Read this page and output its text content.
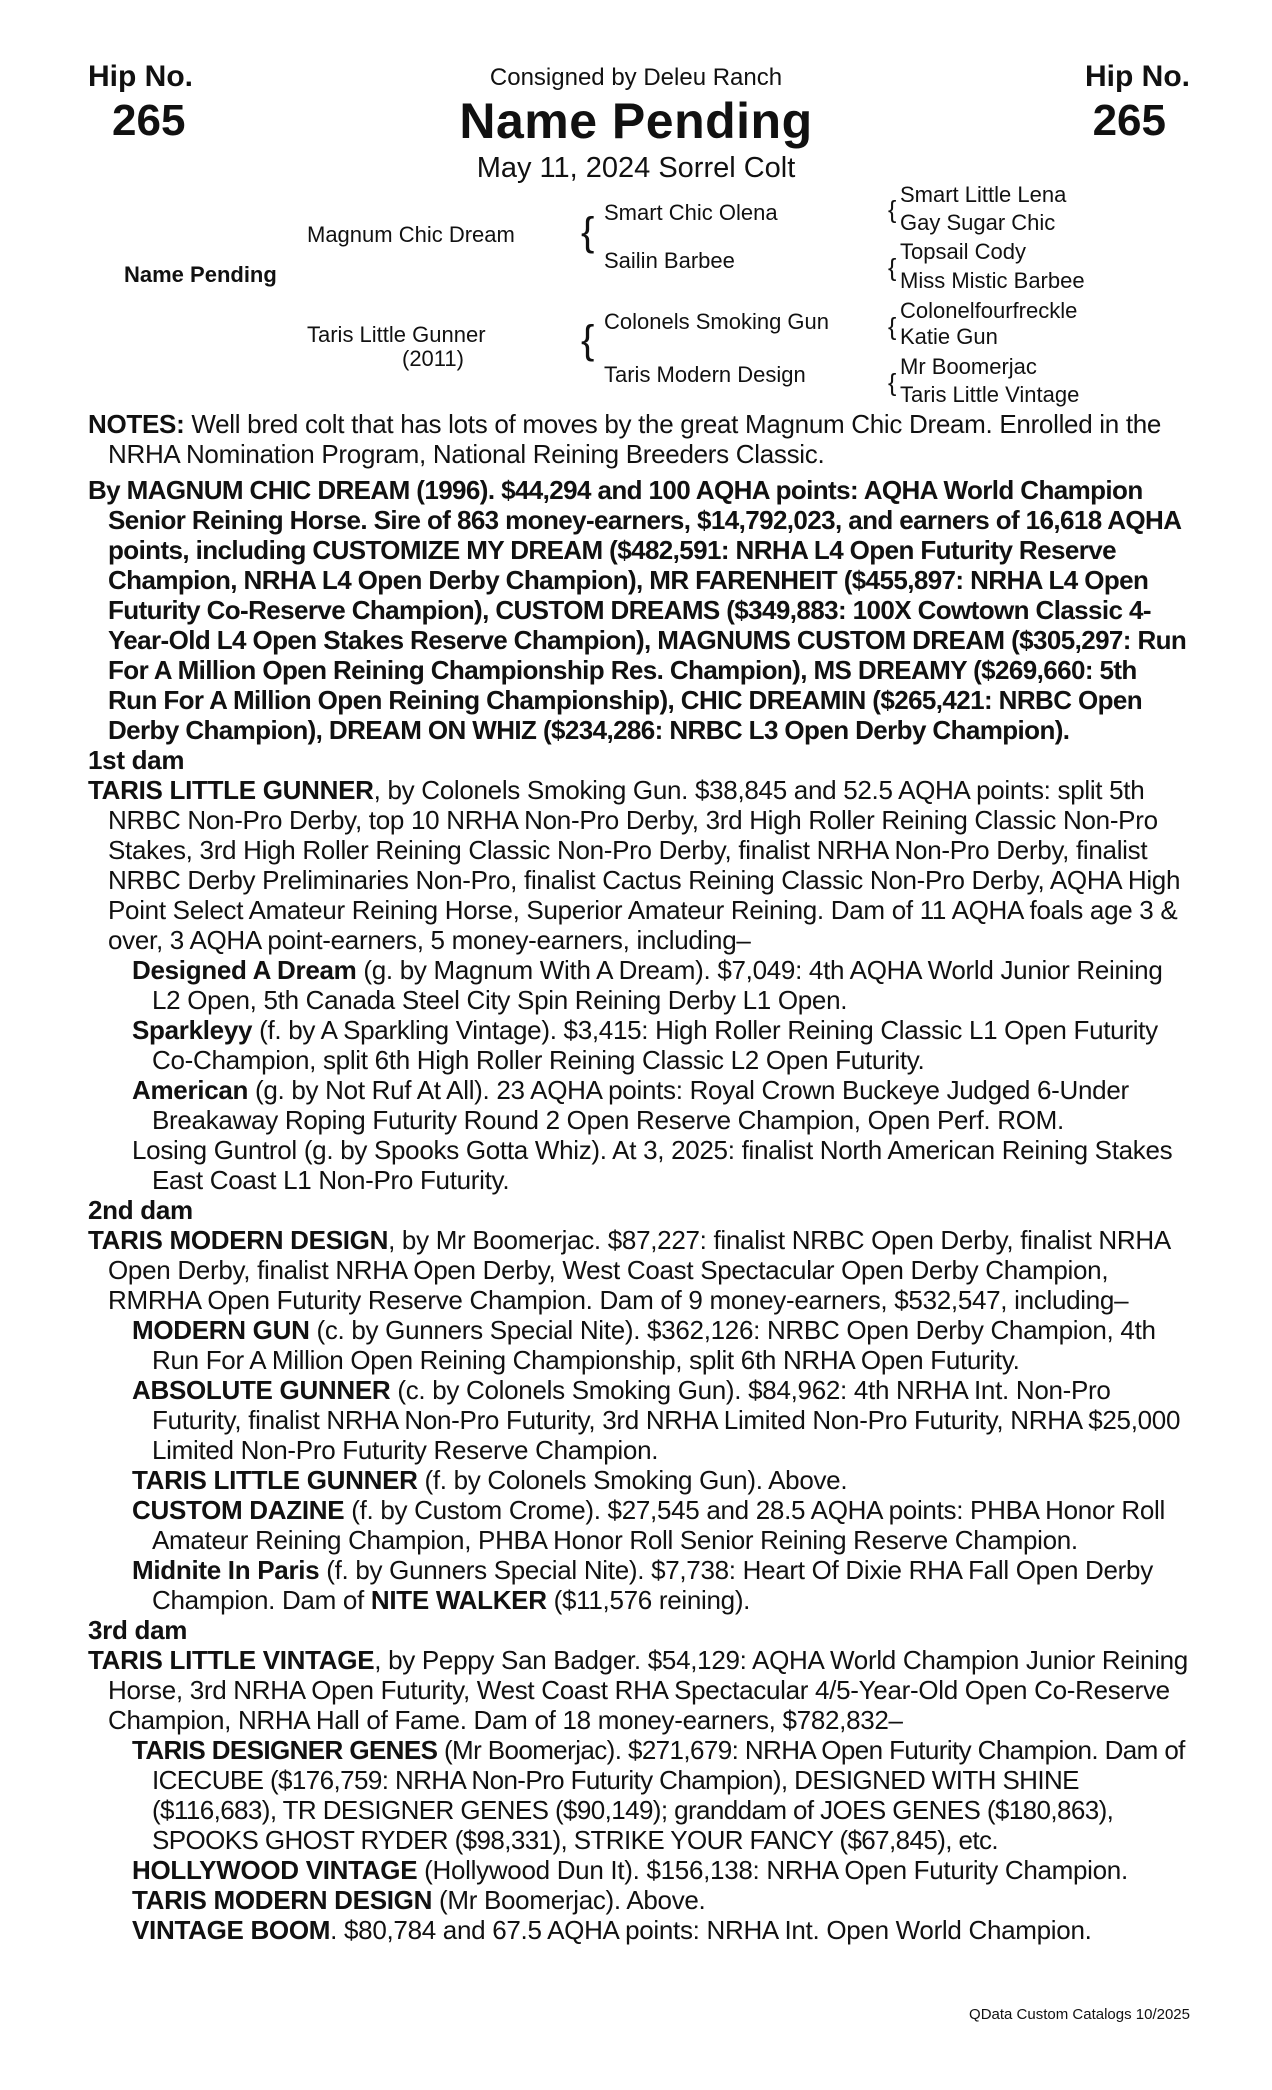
Hip No.
265
Hip No.
265
Consigned by Deleu Ranch
Name Pending
May 11, 2024 Sorrel Colt
Name Pending
Magnum Chic Dream
Taris Little Gunner
(2011)
{
{
Smart Chic Olena
Sailin Barbee
Colonels Smoking Gun
Taris Modern Design
{
{
{
{
Smart Little Lena
Gay Sugar Chic
Topsail Cody
Miss Mistic Barbee
Colonelfourfreckle
Katie Gun
Mr Boomerjac
Taris Little Vintage

NOTES: Well bred colt that has lots of moves by the great Magnum Chic Dream. Enrolled in the NRHA Nomination Program, National Reining Breeders Classic.

By MAGNUM CHIC DREAM (1996). $44,294 and 100 AQHA points: AQHA World Champion Senior Reining Horse. Sire of 863 money-earners, $14,792,023, and earners of 16,618 AQHA points, including CUSTOMIZE MY DREAM ($482,591: NRHA L4 Open Futurity Reserve Champion, NRHA L4 Open Derby Champion), MR FARENHEIT ($455,897: NRHA L4 Open Futurity Co-Reserve Champion), CUSTOM DREAMS ($349,883: 100X Cowtown Classic 4-Year-Old L4 Open Stakes Reserve Champion), MAGNUMS CUSTOM DREAM ($305,297: Run For A Million Open Reining Championship Res. Champion), MS DREAMY ($269,660: 5th Run For A Million Open Reining Championship), CHIC DREAMIN ($265,421: NRBC Open Derby Champion), DREAM ON WHIZ ($234,286: NRBC L3 Open Derby Champion).

1st dam

TARIS LITTLE GUNNER, by Colonels Smoking Gun. $38,845 and 52.5 AQHA points: split 5th NRBC Non-Pro Derby, top 10 NRHA Non-Pro Derby, 3rd High Roller Reining Classic Non-Pro Stakes, 3rd High Roller Reining Classic Non-Pro Derby, finalist NRHA Non-Pro Derby, finalist NRBC Derby Preliminaries Non-Pro, finalist Cactus Reining Classic Non-Pro Derby, AQHA High Point Select Amateur Reining Horse, Superior Amateur Reining. Dam of 11 AQHA foals age 3 & over, 3 AQHA point-earners, 5 money-earners, including–

Designed A Dream (g. by Magnum With A Dream). $7,049: 4th AQHA World Junior Reining L2 Open, 5th Canada Steel City Spin Reining Derby L1 Open.

Sparkleyy (f. by A Sparkling Vintage). $3,415: High Roller Reining Classic L1 Open Futurity Co-Champion, split 6th High Roller Reining Classic L2 Open Futurity.

American (g. by Not Ruf At All). 23 AQHA points: Royal Crown Buckeye Judged 6-Under Breakaway Roping Futurity Round 2 Open Reserve Champion, Open Perf. ROM.

Losing Guntrol (g. by Spooks Gotta Whiz). At 3, 2025: finalist North American Reining Stakes East Coast L1 Non-Pro Futurity.

2nd dam

TARIS MODERN DESIGN, by Mr Boomerjac. $87,227: finalist NRBC Open Derby, finalist NRHA Open Derby, finalist NRHA Open Derby, West Coast Spectacular Open Derby Champion, RMRHA Open Futurity Reserve Champion. Dam of 9 money-earners, $532,547, including–

MODERN GUN (c. by Gunners Special Nite). $362,126: NRBC Open Derby Champion, 4th Run For A Million Open Reining Championship, split 6th NRHA Open Futurity.

ABSOLUTE GUNNER (c. by Colonels Smoking Gun). $84,962: 4th NRHA Int. Non-Pro Futurity, finalist NRHA Non-Pro Futurity, 3rd NRHA Limited Non-Pro Futurity, NRHA $25,000 Limited Non-Pro Futurity Reserve Champion.

TARIS LITTLE GUNNER (f. by Colonels Smoking Gun). Above.

CUSTOM DAZINE (f. by Custom Crome). $27,545 and 28.5 AQHA points: PHBA Honor Roll Amateur Reining Champion, PHBA Honor Roll Senior Reining Reserve Champion.

Midnite In Paris (f. by Gunners Special Nite). $7,738: Heart Of Dixie RHA Fall Open Derby Champion. Dam of NITE WALKER ($11,576 reining).

3rd dam

TARIS LITTLE VINTAGE, by Peppy San Badger. $54,129: AQHA World Champion Junior Reining Horse, 3rd NRHA Open Futurity, West Coast RHA Spectacular 4/5-Year-Old Open Co-Reserve Champion, NRHA Hall of Fame. Dam of 18 money-earners, $782,832–

TARIS DESIGNER GENES (Mr Boomerjac). $271,679: NRHA Open Futurity Champion. Dam of ICECUBE ($176,759: NRHA Non-Pro Futurity Champion), DESIGNED WITH SHINE ($116,683), TR DESIGNER GENES ($90,149); granddam of JOES GENES ($180,863), SPOOKS GHOST RYDER ($98,331), STRIKE YOUR FANCY ($67,845), etc.

HOLLYWOOD VINTAGE (Hollywood Dun It). $156,138: NRHA Open Futurity Champion.

TARIS MODERN DESIGN (Mr Boomerjac). Above.

VINTAGE BOOM. $80,784 and 67.5 AQHA points: NRHA Int. Open World Champion.

QData Custom Catalogs 10/2025
